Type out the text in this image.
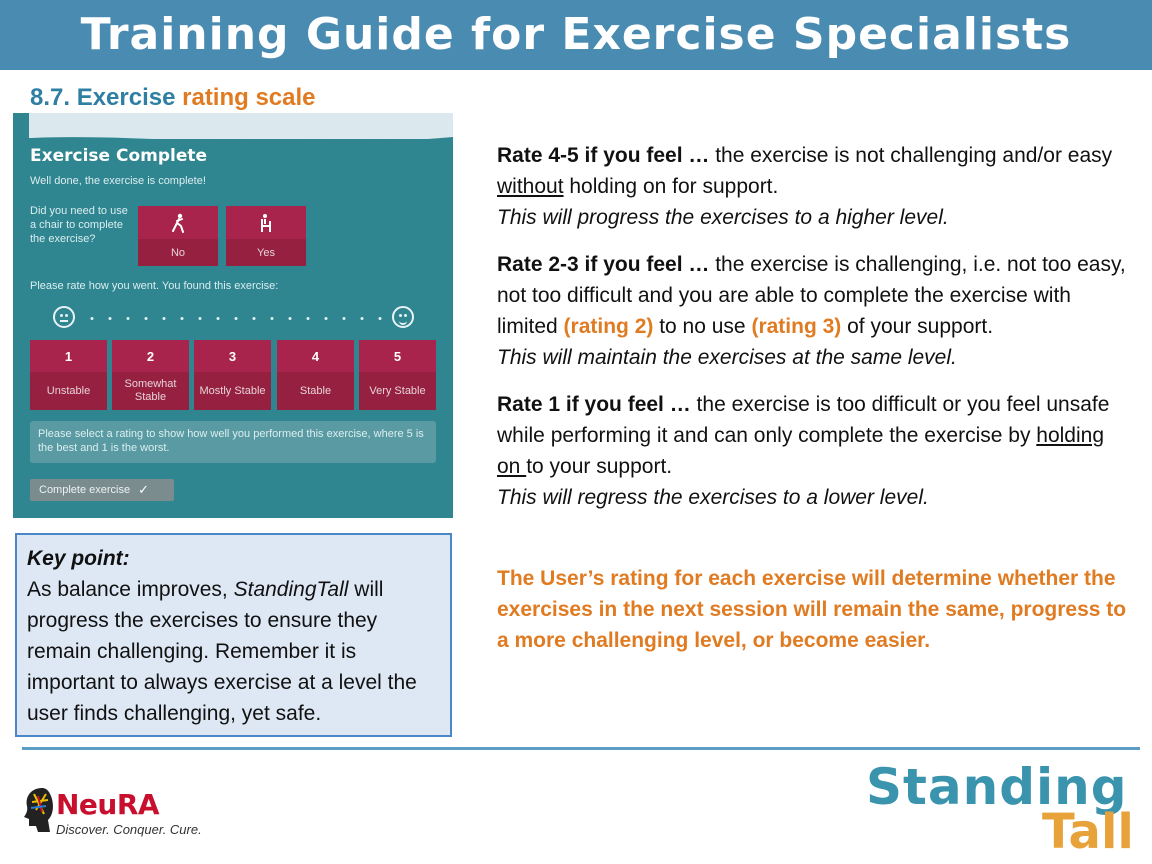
Training Guide for Exercise Specialists
8.7. Exercise rating scale
Exercise Complete
Well done, the exercise is complete!
Did you need to use a chair to complete the exercise?
No	Yes
Please rate how you went. You found this exercise:
1
Unstable
2
Somewhat Stable
3
Mostly Stable
4
Stable
5
Very Stable
Please select a rating to show how well you performed this exercise, where 5 is the best and 1 is the worst.
Complete exercise ✓
Key point:
As balance improves, StandingTall will progress the exercises to ensure they remain challenging. Remember it is important to always exercise at a level the user finds challenging, yet safe.

Rate 4-5 if you feel … the exercise is not challenging and/or easy without holding on for support.
This will progress the exercises to a higher level.

Rate 2-3 if you feel … the exercise is challenging, i.e. not too easy, not too difficult and you are able to complete the exercise with limited (rating 2) to no use (rating 3) of your support.
This will maintain the exercises at the same level.

Rate 1 if you feel … the exercise is too difficult or you feel unsafe while performing it and can only complete the exercise by holding on to your support.
This will regress the exercises to a lower level.

The User’s rating for each exercise will determine whether the exercises in the next session will remain the same, progress to a more challenging level, or become easier.
NeuRA
Discover. Conquer. Cure.
Standing
Tall
